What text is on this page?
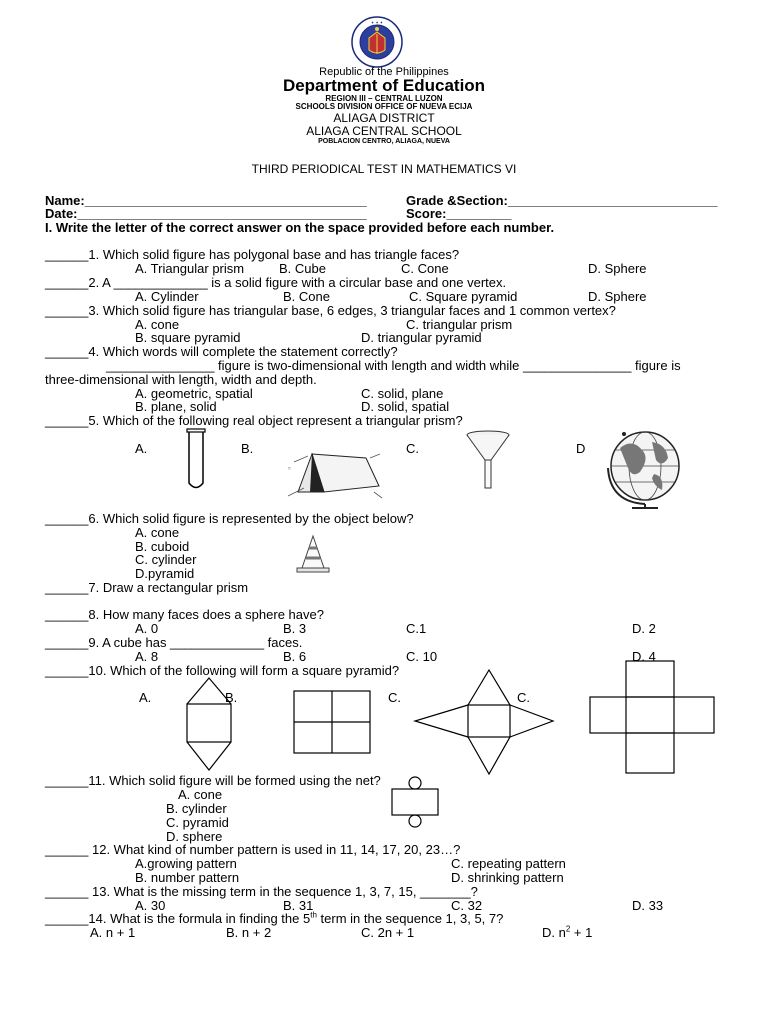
✦ ✦ ✦
Republic of the Philippines
Department of Education
REGION III – CENTRAL LUZON
SCHOOLS DIVISION OFFICE OF NUEVA ECIJA
ALIAGA DISTRICT
ALIAGA CENTRAL SCHOOL
POBLACION CENTRO, ALIAGA, NUEVA
THIRD PERIODICAL TEST IN MATHEMATICS VI
Name:_______________________________________	Grade &Section:_____________________________
Date:________________________________________	Score:_________
I. Write the letter of the correct answer on the space provided before each number.
______1. Which solid figure has polygonal base and has triangle faces?
A. Triangular prism	B. Cube	C. Cone	D. Sphere
______2. A _____________ is a solid figure with a circular base and one vertex.
A. Cylinder	B. Cone	C. Square pyramid	D. Sphere
______3. Which solid figure has triangular base, 6 edges, 3 triangular faces and 1 common vertex?
A. cone	C. triangular prism
B. square pyramid	D. triangular pyramid
______4. Which words will complete the statement correctly?
_______________ figure is two-dimensional with length and width while _______________ figure is
three-dimensional with length, width and depth.
A. geometric, spatial	C. solid, plane
B. plane, solid	D. solid, spatial
______5. Which of the following real object represent a triangular prism?
A.	B.	C.	D
≈
______6. Which solid figure is represented by the object below?
A. cone
B. cuboid
C. cylinder
D.pyramid
______7. Draw a rectangular prism
______8. How many faces does a sphere have?
A. 0	B. 3	C.1	D. 2
______9. A cube has _____________ faces.
A. 8	B. 6	C. 10	D. 4
______10. Which of the following will form a square pyramid?
A.	B.	C.	C.
______11. Which solid figure will be formed using the net?
A. cone
B. cylinder
C. pyramid
D. sphere
______ 12. What kind of number pattern is used in 11, 14, 17, 20, 23…?
A.growing pattern	C. repeating pattern
B. number pattern	D. shrinking pattern
______ 13. What is the missing term in the sequence 1, 3, 7, 15, _______?
A. 30	B. 31	C. 32	D. 33
______14. What is the formula in finding the 5th term in the sequence 1, 3, 5, 7?
A. n + 1	B. n + 2	C. 2n + 1	D. $n^2 + 1$
